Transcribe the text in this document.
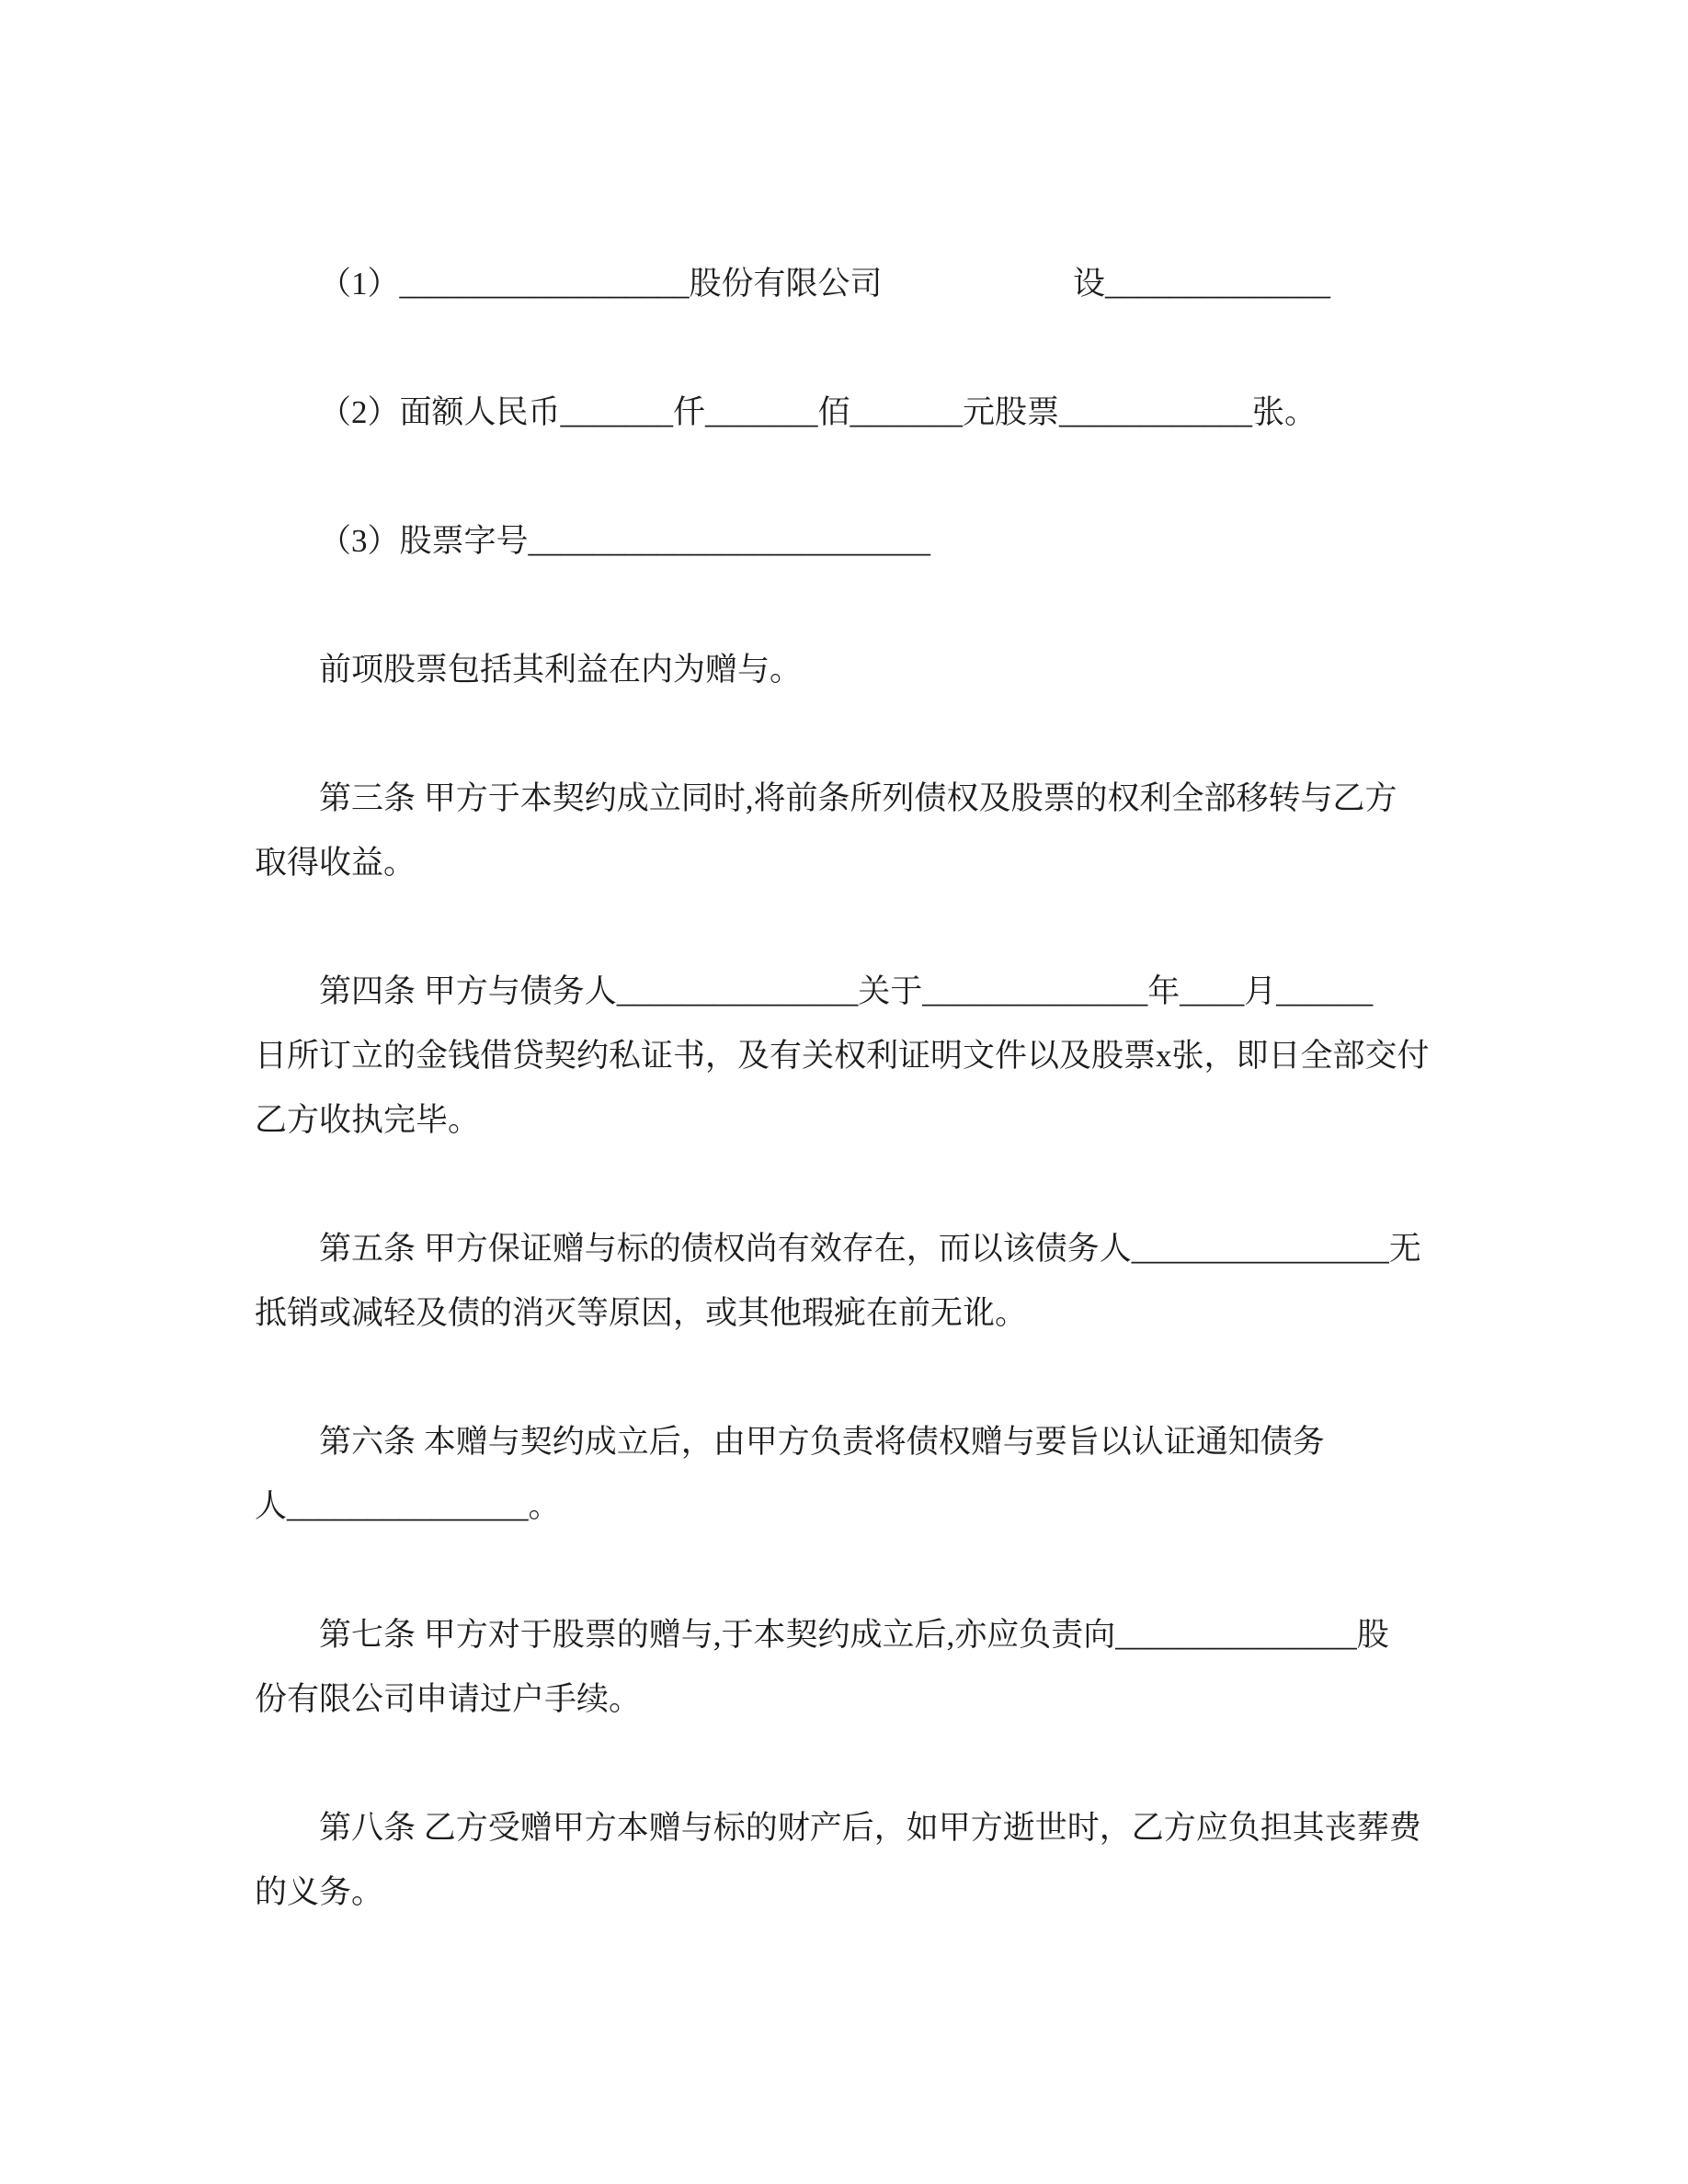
（1）__________________股份有限公司	设______________
（2）面额人民币_______仟_______佰_______元股票____________张。
（3）股票字号_________________________
前项股票包括其利益在内为赠与。
第三条 甲方于本契约成立同时,将前条所列债权及股票的权利全部移转与乙方
取得收益。
第四条 甲方与债务人_______________关于______________年____月______
日所订立的金钱借贷契约私证书，及有关权利证明文件以及股票x张，即日全部交付
乙方收执完毕。
第五条 甲方保证赠与标的债权尚有效存在，而以该债务人________________无
抵销或减轻及债的消灭等原因，或其他瑕疵在前无讹。
第六条 本赠与契约成立后，由甲方负责将债权赠与要旨以认证通知债务
人_______________。
第七条 甲方对于股票的赠与,于本契约成立后,亦应负责向_______________股
份有限公司申请过户手续。
第八条 乙方受赠甲方本赠与标的财产后，如甲方逝世时，乙方应负担其丧葬费
的义务。
